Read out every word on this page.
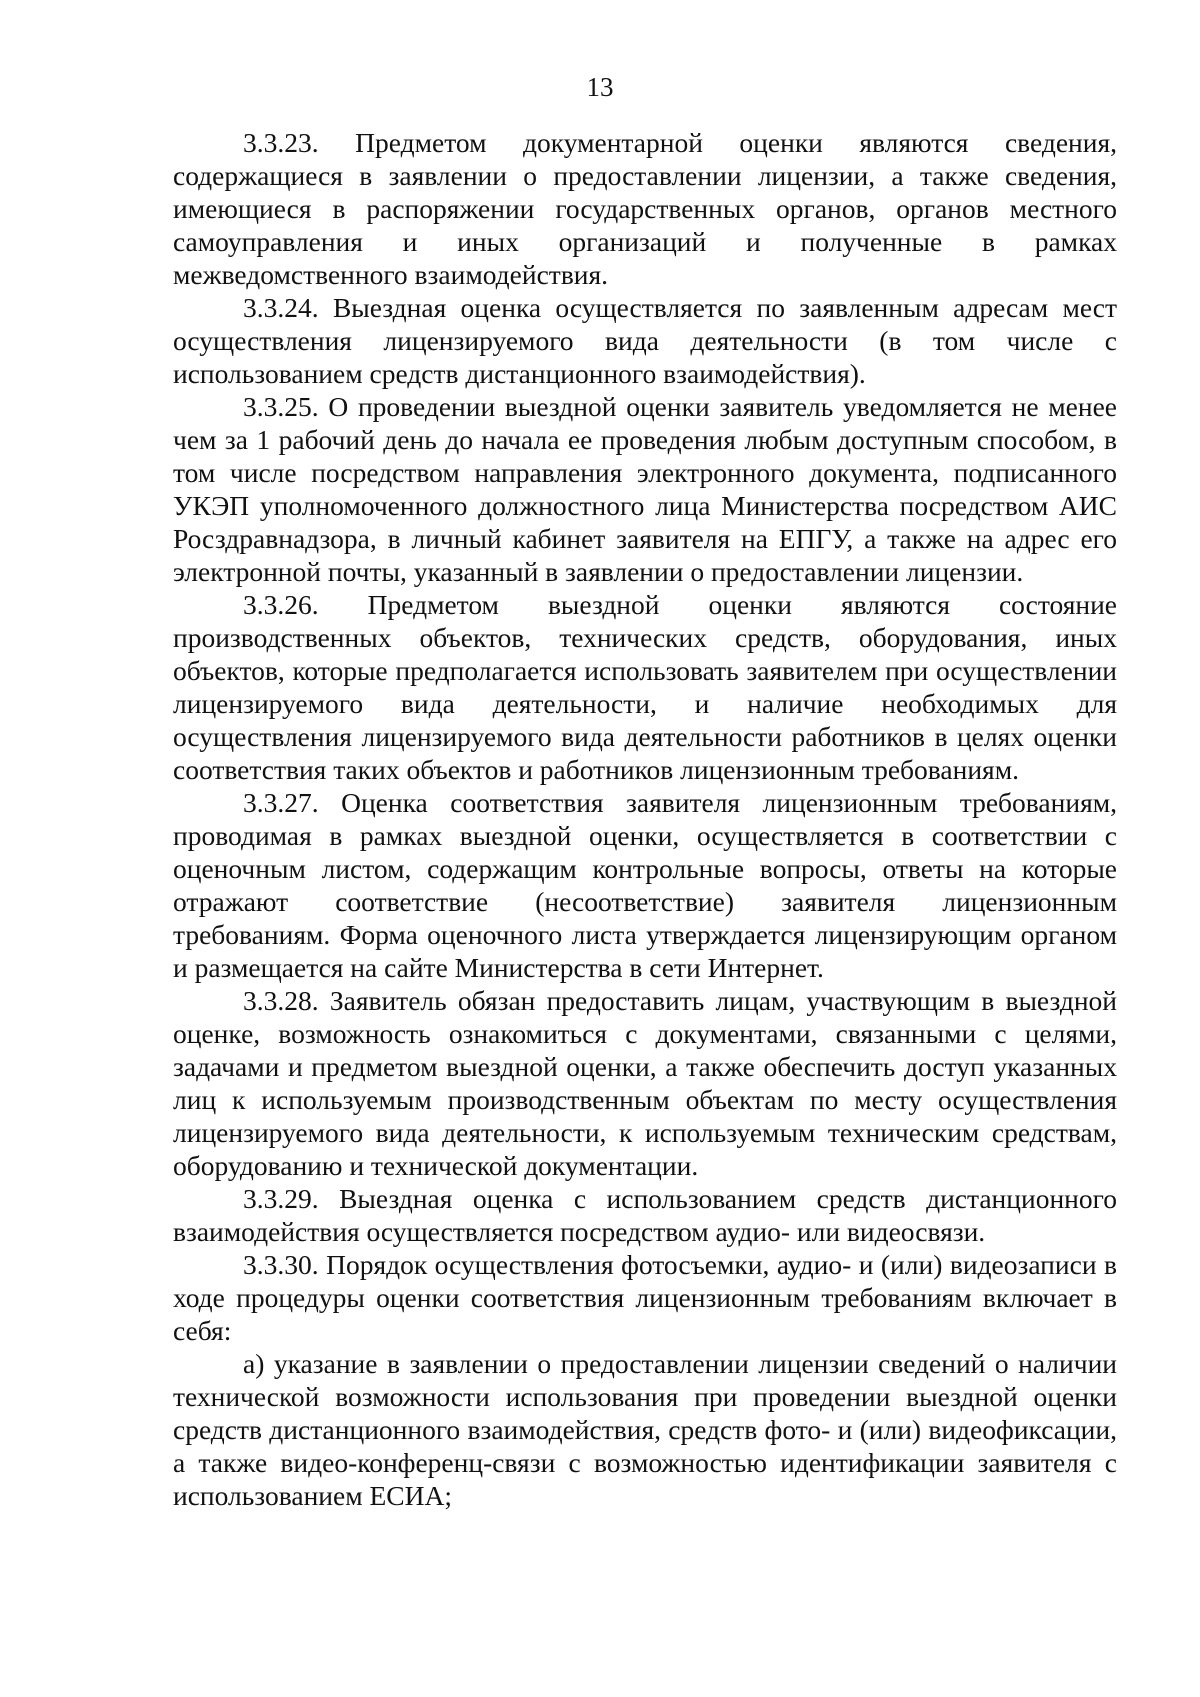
13

3.3.23. Предметом документарной оценки являются сведения, содержащиеся в заявлении о предоставлении лицензии, а также сведения, имеющиеся в распоряжении государственных органов, органов местного самоуправления и иных организаций и полученные в рамках межведомственного взаимодействия.

3.3.24. Выездная оценка осуществляется по заявленным адресам мест осуществления лицензируемого вида деятельности (в том числе с использованием средств дистанционного взаимодействия).

3.3.25. О проведении выездной оценки заявитель уведомляется не менее чем за 1 рабочий день до начала ее проведения любым доступным способом, в том числе посредством направления электронного документа, подписанного УКЭП уполномоченного должностного лица Министерства посредством АИС Росздравнадзора, в личный кабинет заявителя на ЕПГУ, а также на адрес его электронной почты, указанный в заявлении о предоставлении лицензии.

3.3.26. Предметом выездной оценки являются состояние производственных объектов, технических средств, оборудования, иных объектов, которые предполагается использовать заявителем при осуществлении лицензируемого вида деятельности, и наличие необходимых для осуществления лицензируемого вида деятельности работников в целях оценки соответствия таких объектов и работников лицензионным требованиям.

3.3.27. Оценка соответствия заявителя лицензионным требованиям, проводимая в рамках выездной оценки, осуществляется в соответствии с оценочным листом, содержащим контрольные вопросы, ответы на которые отражают соответствие (несоответствие) заявителя лицензионным требованиям. Форма оценочного листа утверждается лицензирующим органом и размещается на сайте Министерства в сети Интернет.

3.3.28. Заявитель обязан предоставить лицам, участвующим в выездной оценке, возможность ознакомиться с документами, связанными с целями, задачами и предметом выездной оценки, а также обеспечить доступ указанных лиц к используемым производственным объектам по месту осуществления лицензируемого вида деятельности, к используемым техническим средствам, оборудованию и технической документации.

3.3.29. Выездная оценка с использованием средств дистанционного взаимодействия осуществляется посредством аудио- или видеосвязи.

3.3.30. Порядок осуществления фотосъемки, аудио- и (или) видеозаписи в ходе процедуры оценки соответствия лицензионным требованиям включает в себя:

а) указание в заявлении о предоставлении лицензии сведений о наличии технической возможности использования при проведении выездной оценки средств дистанционного взаимодействия, средств фото- и (или) видеофиксации, а также видео-конференц-связи с возможностью идентификации заявителя с использованием ЕСИА;
